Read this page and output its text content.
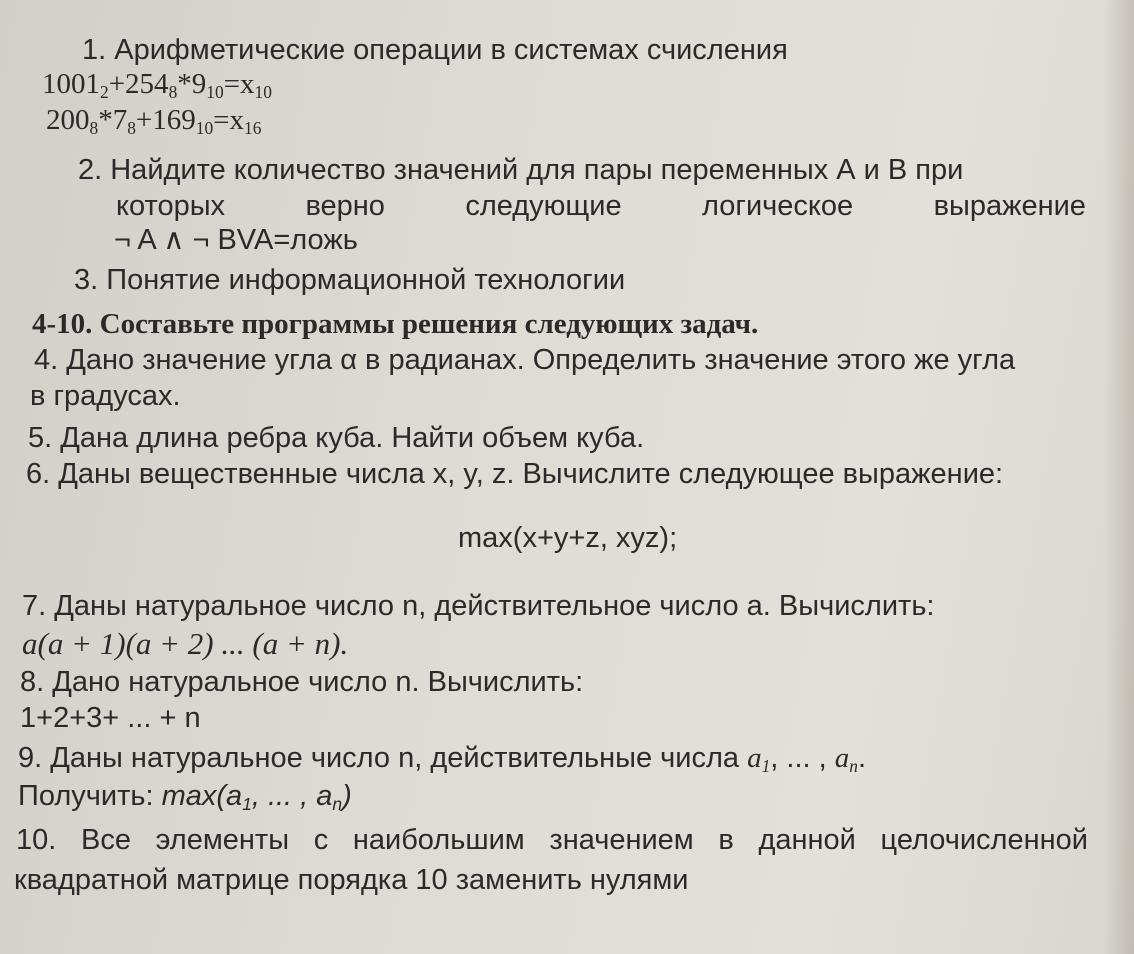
1. Арифметические операции в системах счисления
$1001_2+254_8*9_{10}=x_{10}$
$200_8*7_8+169_{10}=x_{16}$
2. Найдите количество значений для пары переменных А и В при
которых	верно	следующие	логическое	выражение
¬ A ∧ ¬ BVA=ложь
3. Понятие информационной технологии
4-10. Составьте программы решения следующих задач.
4. Дано значение угла α в радианах. Определить значение этого же угла
в градусах.
5. Дана длина ребра куба. Найти объем куба.
6. Даны вещественные числа x, y, z. Вычислите следующее выражение:
max(x+y+z, xyz);
7. Даны натуральное число n, действительное число a. Вычислить:
a(a + 1)(a + 2) ... (a + n).
8. Дано натуральное число n. Вычислить:
1+2+3+ ... + n
9. Даны натуральное число n, действительные числа $a_1$, ... , $a_n$.
Получить: $\max(a_1$, ... , $a_n$)
10. Все элементы с наибольшим значением в данной целочисленной
квадратной матрице порядка 10 заменить нулями
